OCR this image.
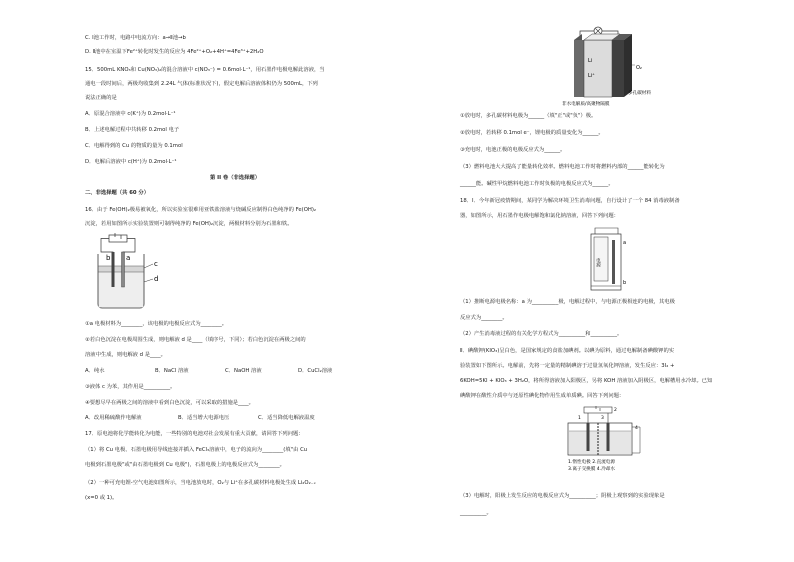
C. Ⅰ池工作时，电路中电流方向：a→Ⅱ池→b
D. Ⅱ池中在室温下Fe²⁺转化时发生的反应为 4Fe²⁺+O₂+4H⁺=4Fe³⁺+2H₂O
15．500mL KNO₃和 Cu(NO₃)₂的混合溶液中 c(NO₃⁻) = 0.6mol·L⁻¹，用石墨作电极电解此溶液，当
通电一段时间后，两极均收集到 2.24L 气体(标准状况下)，假定电解后溶液体积仍为 500mL，下列
说法正确的是
A．原混合溶液中 c(K⁺)为 0.2mol·L⁻¹
B．上述电解过程中共转移 0.2mol 电子
C．电解得到的 Cu 的物质的量为 0.1mol
D．电解后溶液中 c(H⁺)为 0.2mol·L⁻¹
第 II 卷（非选择题）
二、非选择题（共 60 分）
16．由于 Fe(OH)₂极易被氧化，所以实验室很难用亚铁盐溶液与烧碱反应制得白色纯净的 Fe(OH)₂
沉淀，若用如图所示实验装置则可制得纯净的 Fe(OH)₂沉淀，两极材料分别为石墨和铁。
b a
c
d
①a 电极材料为________，该电极的电极反应式为________。
②若白色沉淀在电极周围生成，则电解液 d 是____（填序号，下同）；若白色沉淀在两极之间的
溶液中生成，则电解液 d 是____。
A．纯水	B．NaCl 溶液	C．NaOH 溶液	D．CuCl₂溶液
③液体 c 为苯，其作用是__________。
④要想尽早在两极之间的溶液中看到白色沉淀，可以采取的措施是____。
A．改用稀硫酸作电解液	B．适当增大电源电压	C．适当降低电解液温度
17．原电池将化学能转化为电能，一些特别的电池对社会发展有重大贡献，请回答下列问题：
（1）将 Cu 电极、石墨电极用导线连接并插入 FeCl₃溶液中，电子的流向为________(填"由 Cu
电极到石墨电极"或"由石墨电极到 Cu 电极")，石墨电极上的电极反应式为________。
（2）一种可充电锂-空气电池如图所示，当电池放电时，O₂与 Li⁺在多孔碳材料电极处生成 Li₂O₂₋ₓ
(x=0 或 1)。
Li
Li⁺
O₂
多孔碳材料
非水电解质/高聚物隔膜
①放电时，多孔碳材料电极为______（填"正"或"负"）极。
②放电时，若转移 0.1mol e⁻，锂电极的质量变化为______。
③充电时，电池正极的电极反应式为______。
（3）燃料电池大大提高了能量转化效率。燃料电池工作时将燃料内部的______能转化为
______能。碱性甲烷燃料电池工作时负极的电极反应式为______。
18．Ⅰ．今年新冠疫情期间，某同学为解决环境卫生消毒问题，自行设计了一个 84 消毒液制备
器，如图所示，用石墨作电极电解饱和氯化钠溶液，回答下列问题：
电源
a
b
（1）推断电源电极名称：a 为__________极，电解过程中，与电源正极相连的电极，其电极
反应式为________。
（2）产生消毒液过程的有关化学方程式为__________和__________。
Ⅱ．碘酸钾(KIO₃)呈白色，是国家规定的食盐加碘剂。以碘为原料，通过电解制备碘酸钾的实
验装置如下图所示。电解前，先将一定量的精制碘溶于过量氢氧化钾溶液，发生反应：3I₂ +
6KOH=5KI + KIO₃ + 3H₂O，将所得溶液加入阳极区，另将 KOH 溶液加入阴极区，电解槽用水冷却。已知
碘酸钾在酸性介质中与还原性碘化物作用生成单质碘。回答下列问题：
1
2
3
4
1.惰性电极 2.直流电源
3.离子交换膜 4.冷却水
（3）电解时，阳极上发生反应的电极反应式为__________；阴极上观察到的实验现象是
__________。
